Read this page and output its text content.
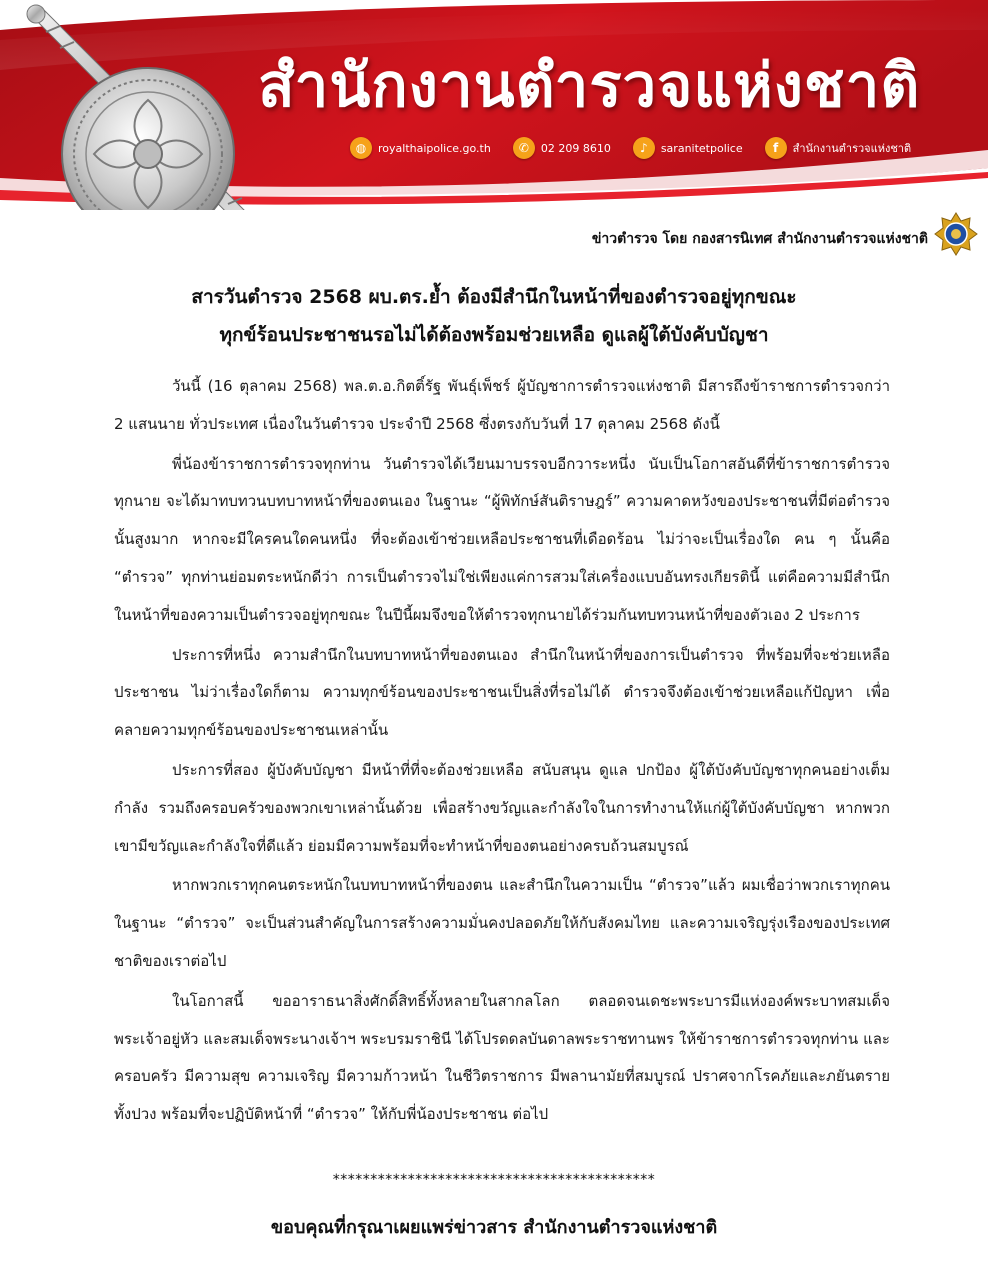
สำนักงานตำรวจแห่งชาติ
◍	royalthaipolice.go.th	✆	02 209 8610	♪	saranitetpolice	f	สำนักงานตำรวจแห่งชาติ
ข่าวตำรวจ โดย กองสารนิเทศ สำนักงานตำรวจแห่งชาติ
สารวันตำรวจ 2568 ผบ.ตร.ย้ำ ต้องมีสำนึกในหน้าที่ของตำรวจอยู่ทุกขณะ
ทุกข์ร้อนประชาชนรอไม่ได้ต้องพร้อมช่วยเหลือ ดูแลผู้ใต้บังคับบัญชา

วันนี้ (16 ตุลาคม 2568) พล.ต.อ.กิตติ์รัฐ พันธุ์เพ็ชร์ ผู้บัญชาการตำรวจแห่งชาติ มีสารถึงข้าราชการตำรวจกว่า 2 แสนนาย ทั่วประเทศ เนื่องในวันตำรวจ ประจำปี 2568 ซึ่งตรงกับวันที่ 17 ตุลาคม 2568 ดังนี้

พี่น้องข้าราชการตำรวจทุกท่าน วันตำรวจได้เวียนมาบรรจบอีกวาระหนึ่ง นับเป็นโอกาสอันดีที่ข้าราชการตำรวจทุกนาย จะได้มาทบทวนบทบาทหน้าที่ของตนเอง ในฐานะ “ผู้พิทักษ์สันติราษฎร์” ความคาดหวังของประชาชนที่มีต่อตำรวจนั้นสูงมาก หากจะมีใครคนใดคนหนึ่ง ที่จะต้องเข้าช่วยเหลือประชาชนที่เดือดร้อน ไม่ว่าจะเป็นเรื่องใด คน ๆ นั้นคือ “ตำรวจ” ทุกท่านย่อมตระหนักดีว่า การเป็นตำรวจไม่ใช่เพียงแค่การสวมใส่เครื่องแบบอันทรงเกียรตินี้ แต่คือความมีสำนึกในหน้าที่ของความเป็นตำรวจอยู่ทุกขณะ ในปีนี้ผมจึงขอให้ตำรวจทุกนายได้ร่วมกันทบทวนหน้าที่ของตัวเอง 2 ประการ

ประการที่หนึ่ง ความสำนึกในบทบาทหน้าที่ของตนเอง สำนึกในหน้าที่ของการเป็นตำรวจ ที่พร้อมที่จะช่วยเหลือประชาชน ไม่ว่าเรื่องใดก็ตาม ความทุกข์ร้อนของประชาชนเป็นสิ่งที่รอไม่ได้ ตำรวจจึงต้องเข้าช่วยเหลือแก้ปัญหา เพื่อคลายความทุกข์ร้อนของประชาชนเหล่านั้น

ประการที่สอง ผู้บังคับบัญชา มีหน้าที่ที่จะต้องช่วยเหลือ สนับสนุน ดูแล ปกป้อง ผู้ใต้บังคับบัญชาทุกคนอย่างเต็มกำลัง รวมถึงครอบครัวของพวกเขาเหล่านั้นด้วย เพื่อสร้างขวัญและกำลังใจในการทำงานให้แก่ผู้ใต้บังคับบัญชา หากพวกเขามีขวัญและกำลังใจที่ดีแล้ว ย่อมมีความพร้อมที่จะทำหน้าที่ของตนอย่างครบถ้วนสมบูรณ์

หากพวกเราทุกคนตระหนักในบทบาทหน้าที่ของตน และสำนึกในความเป็น “ตำรวจ”แล้ว ผมเชื่อว่าพวกเราทุกคน ในฐานะ “ตำรวจ” จะเป็นส่วนสำคัญในการสร้างความมั่นคงปลอดภัยให้กับสังคมไทย และความเจริญรุ่งเรืองของประเทศชาติของเราต่อไป

ในโอกาสนี้ ขออาราธนาสิ่งศักดิ์สิทธิ์ทั้งหลายในสากลโลก ตลอดจนเดชะพระบารมีแห่งองค์พระบาทสมเด็จพระเจ้าอยู่หัว และสมเด็จพระนางเจ้าฯ พระบรมราชินี ได้โปรดดลบันดาลพระราชทานพร ให้ข้าราชการตำรวจทุกท่าน และครอบครัว มีความสุข ความเจริญ มีความก้าวหน้า ในชีวิตราชการ มีพลานามัยที่สมบูรณ์ ปราศจากโรคภัยและภยันตรายทั้งปวง พร้อมที่จะปฏิบัติหน้าที่ “ตำรวจ” ให้กับพี่น้องประชาชน ต่อไป

*******************************************
ขอบคุณที่กรุณาเผยแพร่ข่าวสาร สำนักงานตำรวจแห่งชาติ
